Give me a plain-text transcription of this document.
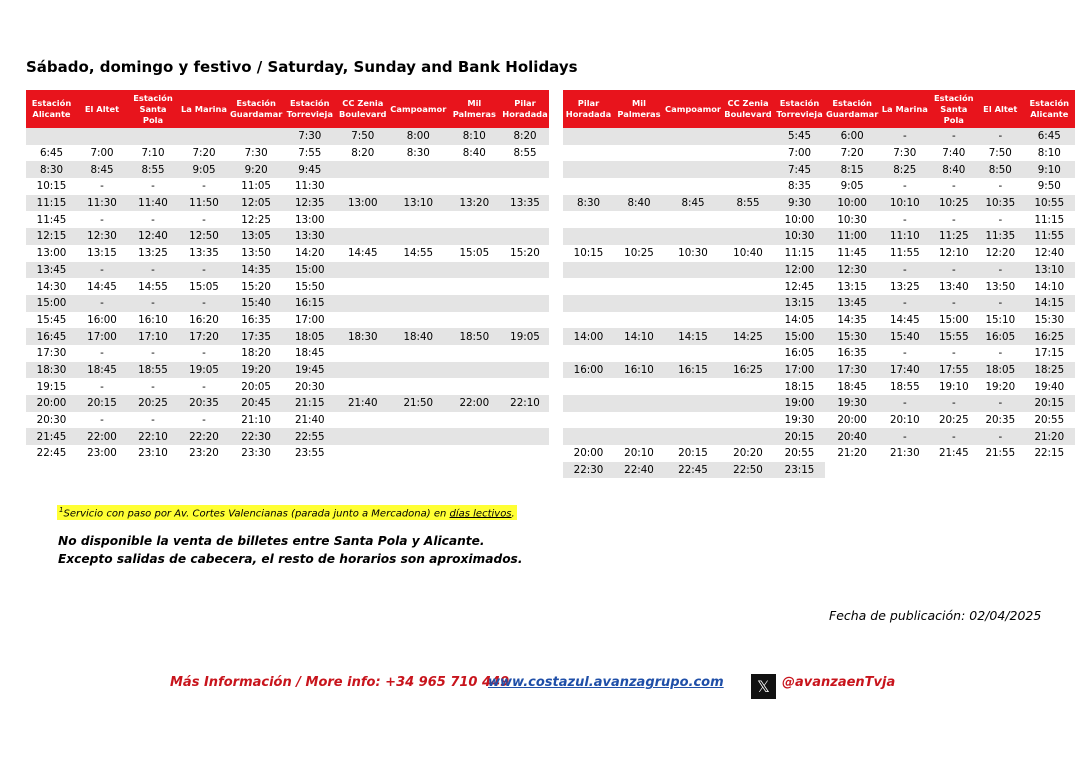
Sábado, domingo y festivo / Saturday, Sunday and Bank Holidays
Estación Alicante	El Altet	Estación Santa Pola	La Marina	Estación Guardamar	Estación Torrevieja	CC Zenia Boulevard	Campoamor	Mil Palmeras	Pilar Horadada
					7:30	7:50	8:00	8:10	8:20
6:45	7:00	7:10	7:20	7:30	7:55	8:20	8:30	8:40	8:55
8:30	8:45	8:55	9:05	9:20	9:45				
10:15	-	-	-	11:05	11:30				
11:15	11:30	11:40	11:50	12:05	12:35	13:00	13:10	13:20	13:35
11:45	-	-	-	12:25	13:00				
12:15	12:30	12:40	12:50	13:05	13:30				
13:00	13:15	13:25	13:35	13:50	14:20	14:45	14:55	15:05	15:20
13:45	-	-	-	14:35	15:00				
14:30	14:45	14:55	15:05	15:20	15:50				
15:00	-	-	-	15:40	16:15				
15:45	16:00	16:10	16:20	16:35	17:00				
16:45	17:00	17:10	17:20	17:35	18:05	18:30	18:40	18:50	19:05
17:30	-	-	-	18:20	18:45				
18:30	18:45	18:55	19:05	19:20	19:45				
19:15	-	-	-	20:05	20:30				
20:00	20:15	20:25	20:35	20:45	21:15	21:40	21:50	22:00	22:10
20:30	-	-	-	21:10	21:40				
21:45	22:00	22:10	22:20	22:30	22:55				
22:45	23:00	23:10	23:20	23:30	23:55				
Pilar Horadada	Mil Palmeras	Campoamor	CC Zenia Boulevard	Estación Torrevieja	Estación Guardamar	La Marina	Estación Santa Pola	El Altet	Estación Alicante
				5:45	6:00	-	-	-	6:45
				7:00	7:20	7:30	7:40	7:50	8:10
				7:45	8:15	8:25	8:40	8:50	9:10
				8:35	9:05	-	-	-	9:50
8:30	8:40	8:45	8:55	9:30	10:00	10:10	10:25	10:35	10:55
				10:00	10:30	-	-	-	11:15
				10:30	11:00	11:10	11:25	11:35	11:55
10:15	10:25	10:30	10:40	11:15	11:45	11:55	12:10	12:20	12:40
				12:00	12:30	-	-	-	13:10
				12:45	13:15	13:25	13:40	13:50	14:10
				13:15	13:45	-	-	-	14:15
				14:05	14:35	14:45	15:00	15:10	15:30
14:00	14:10	14:15	14:25	15:00	15:30	15:40	15:55	16:05	16:25
				16:05	16:35	-	-	-	17:15
16:00	16:10	16:15	16:25	17:00	17:30	17:40	17:55	18:05	18:25
				18:15	18:45	18:55	19:10	19:20	19:40
				19:00	19:30	-	-	-	20:15
				19:30	20:00	20:10	20:25	20:35	20:55
				20:15	20:40	-	-	-	21:20
20:00	20:10	20:15	20:20	20:55	21:20	21:30	21:45	21:55	22:15
22:30	22:40	22:45	22:50	23:15					
$^1$Servicio con paso por Av. Cortes Valencianas (parada junto a Mercadona) en días lectivos.
No disponible la venta de billetes entre Santa Pola y Alicante.
Excepto salidas de cabecera, el resto de horarios son aproximados.
Fecha de publicación: 02/04/2025
Más Información / More info: +34 965 710 449
www.costazul.avanzagrupo.com	𝕏 @avanzaenTvja
